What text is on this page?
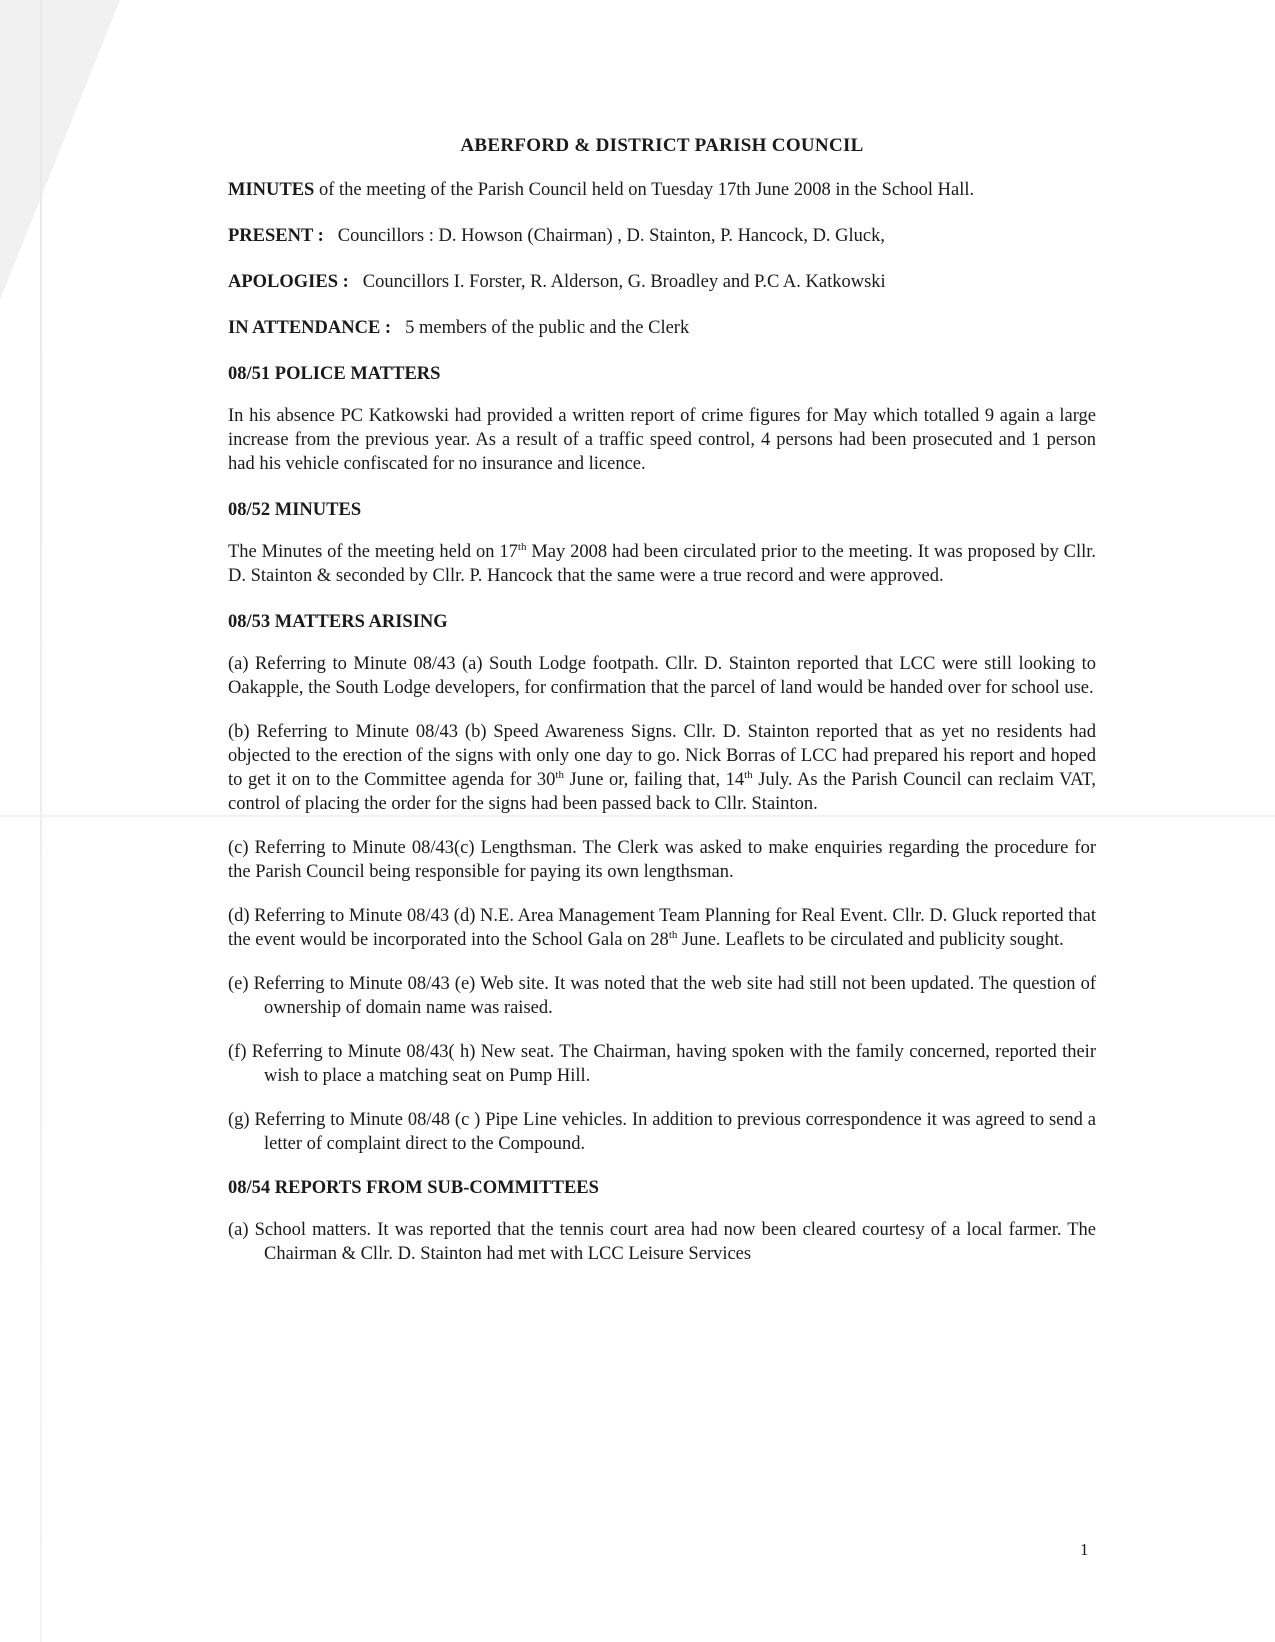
ABERFORD & DISTRICT PARISH COUNCIL

MINUTES of the meeting of the Parish Council held on Tuesday 17th June 2008 in the School Hall.

PRESENT : Councillors : D. Howson (Chairman) , D. Stainton, P. Hancock, D. Gluck,

APOLOGIES : Councillors I. Forster, R. Alderson, G. Broadley and P.C A. Katkowski

IN ATTENDANCE : 5 members of the public and the Clerk

08/51 POLICE MATTERS

In his absence PC Katkowski had provided a written report of crime figures for May which totalled 9 again a large increase from the previous year. As a result of a traffic speed control, 4 persons had been prosecuted and 1 person had his vehicle confiscated for no insurance and licence.

08/52 MINUTES

The Minutes of the meeting held on 17th May 2008 had been circulated prior to the meeting. It was proposed by Cllr. D. Stainton & seconded by Cllr. P. Hancock that the same were a true record and were approved.

08/53 MATTERS ARISING
(a) Referring to Minute 08/43 (a) South Lodge footpath. Cllr. D. Stainton reported that LCC were still looking to Oakapple, the South Lodge developers, for confirmation that the parcel of land would be handed over for school use.
(b) Referring to Minute 08/43 (b) Speed Awareness Signs. Cllr. D. Stainton reported that as yet no residents had objected to the erection of the signs with only one day to go. Nick Borras of LCC had prepared his report and hoped to get it on to the Committee agenda for 30th June or, failing that, 14th July. As the Parish Council can reclaim VAT, control of placing the order for the signs had been passed back to Cllr. Stainton.
(c) Referring to Minute 08/43(c) Lengthsman. The Clerk was asked to make enquiries regarding the procedure for the Parish Council being responsible for paying its own lengthsman.
(d) Referring to Minute 08/43 (d) N.E. Area Management Team Planning for Real Event. Cllr. D. Gluck reported that the event would be incorporated into the School Gala on 28th June. Leaflets to be circulated and publicity sought.
(e) Referring to Minute 08/43 (e) Web site. It was noted that the web site had still not been updated. The question of ownership of domain name was raised.
(f) Referring to Minute 08/43( h) New seat. The Chairman, having spoken with the family concerned, reported their wish to place a matching seat on Pump Hill.
(g) Referring to Minute 08/48 (c ) Pipe Line vehicles. In addition to previous correspondence it was agreed to send a letter of complaint direct to the Compound.
08/54 REPORTS FROM SUB-COMMITTEES
(a) School matters. It was reported that the tennis court area had now been cleared courtesy of a local farmer. The Chairman & Cllr. D. Stainton had met with LCC Leisure Services
1
